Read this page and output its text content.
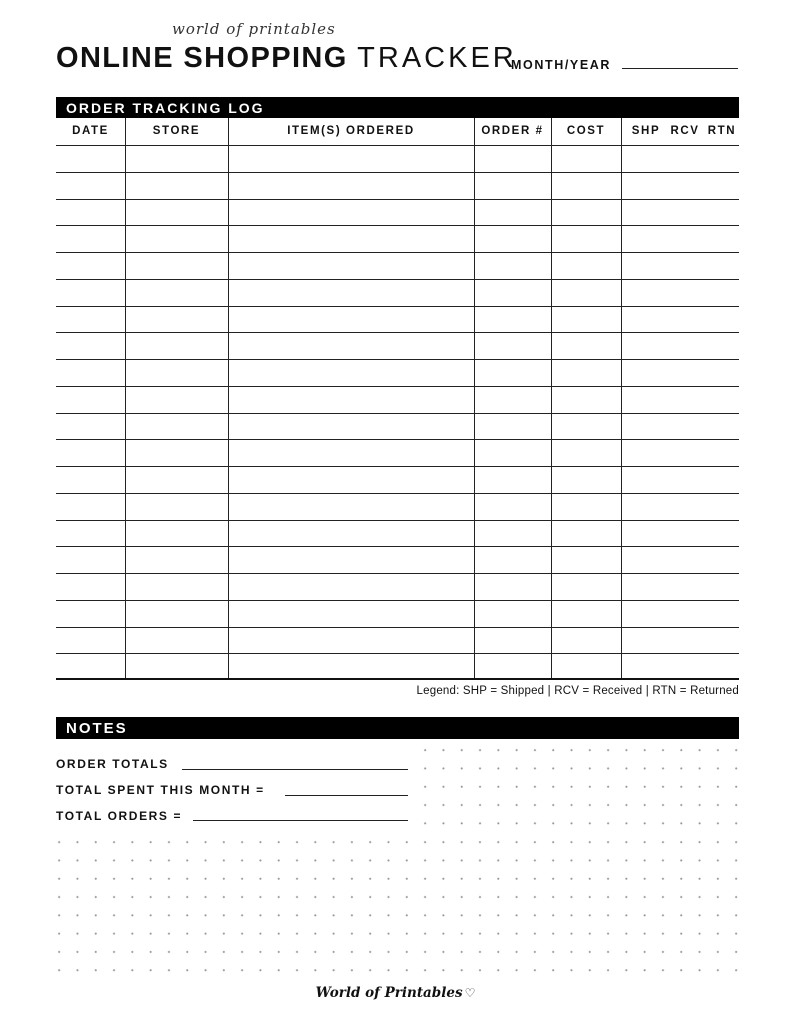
world of printables
ONLINE SHOPPING TRACKER
MONTH/YEAR
ORDER TRACKING LOG
DATE	STORE	ITEM(S) ORDERED	ORDER #	COST	SHP RCV RTN
Legend: SHP = Shipped | RCV = Received | RTN = Returned
NOTES
ORDER TOTALS
TOTAL SPENT THIS MONTH =
TOTAL ORDERS =
World of Printables ♡
